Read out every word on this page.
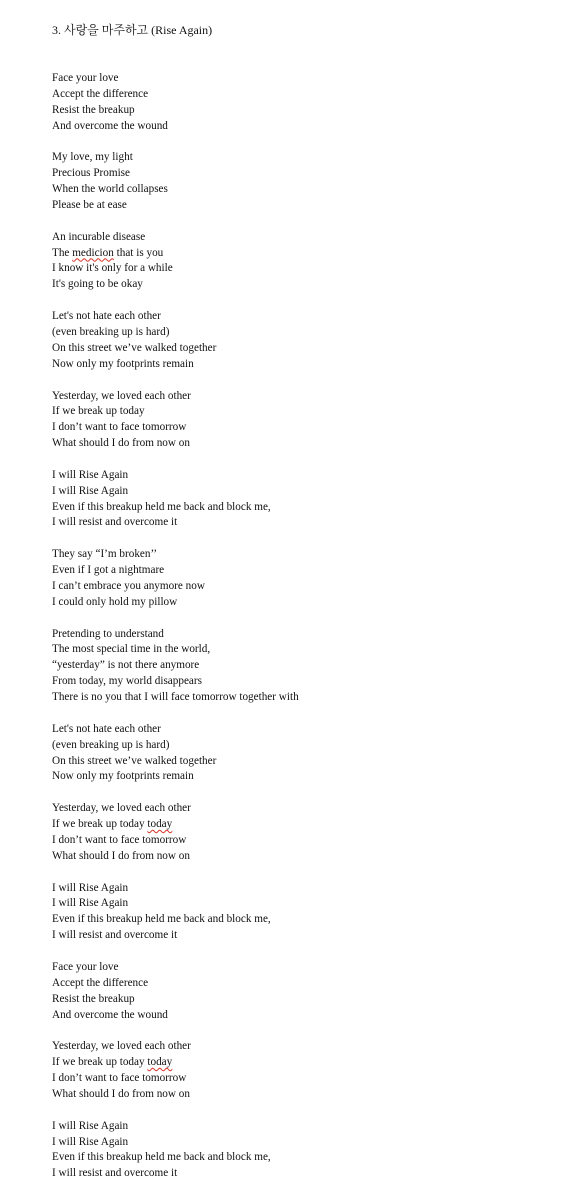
3. 사랑을 마주하고 (Rise Again)
Face your love
Accept the difference
Resist the breakup
And overcome the wound
My love, my light
Precious Promise
When the world collapses
Please be at ease
An incurable disease
The medicion that is you
I know it's only for a while
It's going to be okay
Let's not hate each other
(even breaking up is hard)
On this street we’ve walked together
Now only my footprints remain
Yesterday, we loved each other
If we break up today
I don’t want to face tomorrow
What should I do from now on
I will Rise Again
I will Rise Again
Even if this breakup held me back and block me,
I will resist and overcome it
They say “I’m broken’’
Even if I got a nightmare
I can’t embrace you anymore now
I could only hold my pillow
Pretending to understand
The most special time in the world,
“yesterday” is not there anymore
From today, my world disappears
There is no you that I will face tomorrow together with
Let's not hate each other
(even breaking up is hard)
On this street we’ve walked together
Now only my footprints remain
Yesterday, we loved each other
If we break up today today
I don’t want to face tomorrow
What should I do from now on
I will Rise Again
I will Rise Again
Even if this breakup held me back and block me,
I will resist and overcome it
Face your love
Accept the difference
Resist the breakup
And overcome the wound
Yesterday, we loved each other
If we break up today today
I don’t want to face tomorrow
What should I do from now on
I will Rise Again
I will Rise Again
Even if this breakup held me back and block me,
I will resist and overcome it
